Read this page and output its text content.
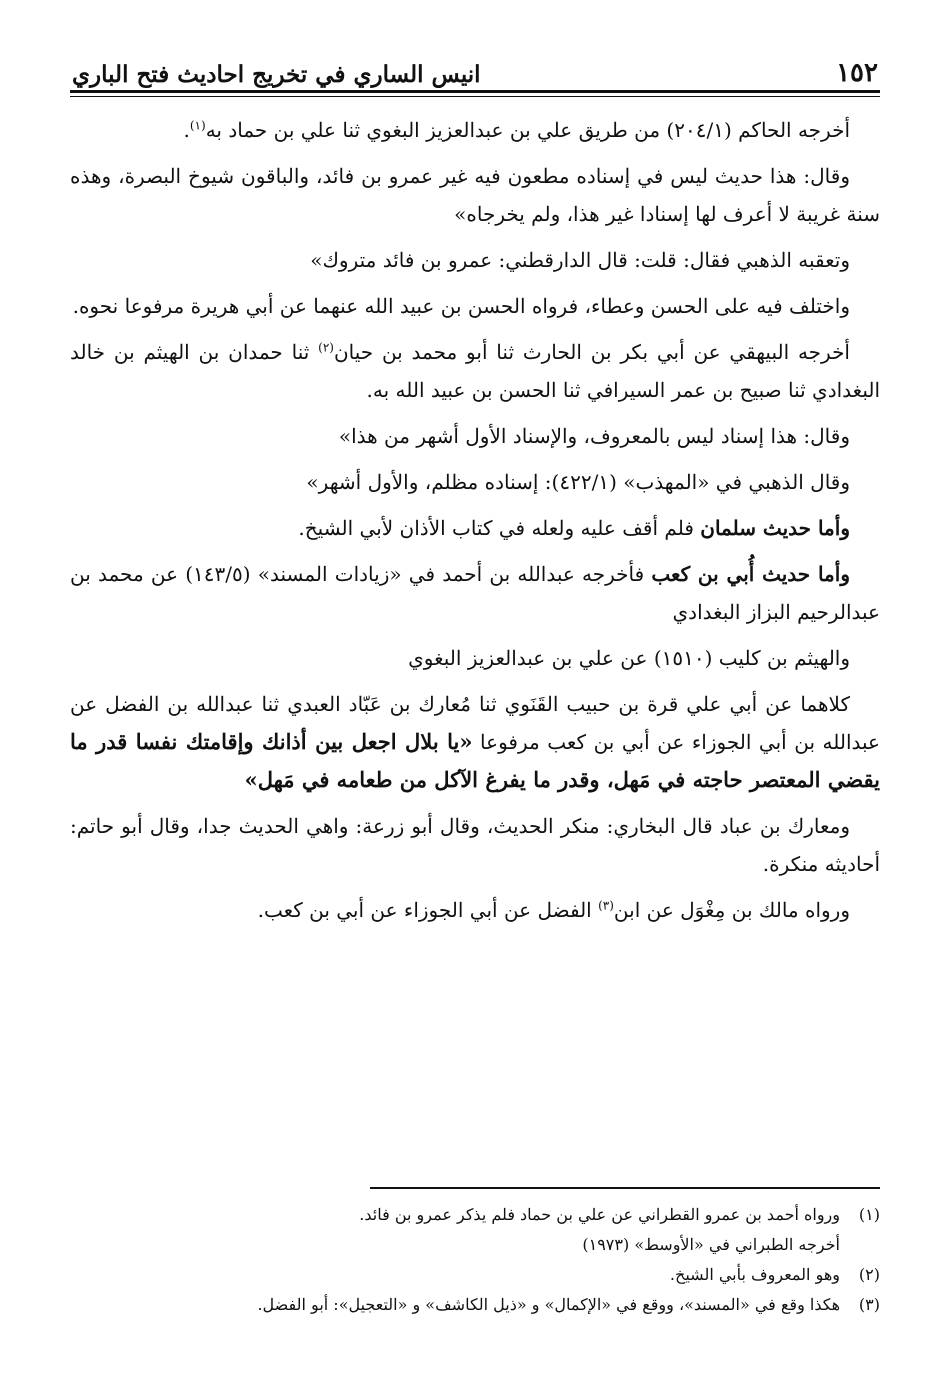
١٥٢
انيس الساري في تخريج احاديث فتح الباري

أخرجه الحاكم (٢٠٤/١) من طريق علي بن عبدالعزيز البغوي ثنا علي بن حماد به$^{(١)}$.

وقال: هذا حديث ليس في إسناده مطعون فيه غير عمرو بن فائد، والباقون شيوخ البصرة، وهذه سنة غريبة لا أعرف لها إسنادا غير هذا، ولم يخرجاه»

وتعقبه الذهبي فقال: قلت: قال الدارقطني: عمرو بن فائد متروك»

واختلف فيه على الحسن وعطاء، فرواه الحسن بن عبيد الله عنهما عن أبي هريرة مرفوعا نحوه.

أخرجه البيهقي عن أبي بكر بن الحارث ثنا أبو محمد بن حيان$^{(٢)}$ ثنا حمدان بن الهيثم بن خالد البغدادي ثنا صبيح بن عمر السيرافي ثنا الحسن بن عبيد الله به.

وقال: هذا إسناد ليس بالمعروف، والإسناد الأول أشهر من هذا»

وقال الذهبي في «المهذب» (٤٢٢/١): إسناده مظلم، والأول أشهر»

وأما حديث سلمان فلم أقف عليه ولعله في كتاب الأذان لأبي الشيخ.

وأما حديث أُبي بن كعب فأخرجه عبدالله بن أحمد في «زيادات المسند» (١٤٣/٥) عن محمد بن عبدالرحيم البزاز البغدادي

والهيثم بن كليب (١٥١٠) عن علي بن عبدالعزيز البغوي

كلاهما عن أبي علي قرة بن حبيب القَنَوي ثنا مُعارك بن عَبّاد العبدي ثنا عبدالله بن الفضل عن عبدالله بن أبي الجوزاء عن أبي بن كعب مرفوعا «يا بلال اجعل بين أذانك وإقامتك نفسا قدر ما يقضي المعتصر حاجته في مَهل، وقدر ما يفرغ الآكل من طعامه في مَهل»

ومعارك بن عباد قال البخاري: منكر الحديث، وقال أبو زرعة: واهي الحديث جدا، وقال أبو حاتم: أحاديثه منكرة.

ورواه مالك بن مِغْوَل عن ابن$^{(٣)}$ الفضل عن أبي الجوزاء عن أبي بن كعب.

(١)
ورواه أحمد بن عمرو القطراني عن علي بن حماد فلم يذكر عمرو بن فائد.
أخرجه الطبراني في «الأوسط» (١٩٧٣)
(٢)
وهو المعروف بأبي الشيخ.
(٣)
هكذا وقع في «المسند»، ووقع في «الإكمال» و «ذيل الكاشف» و «التعجيل»: أبو الفضل.
